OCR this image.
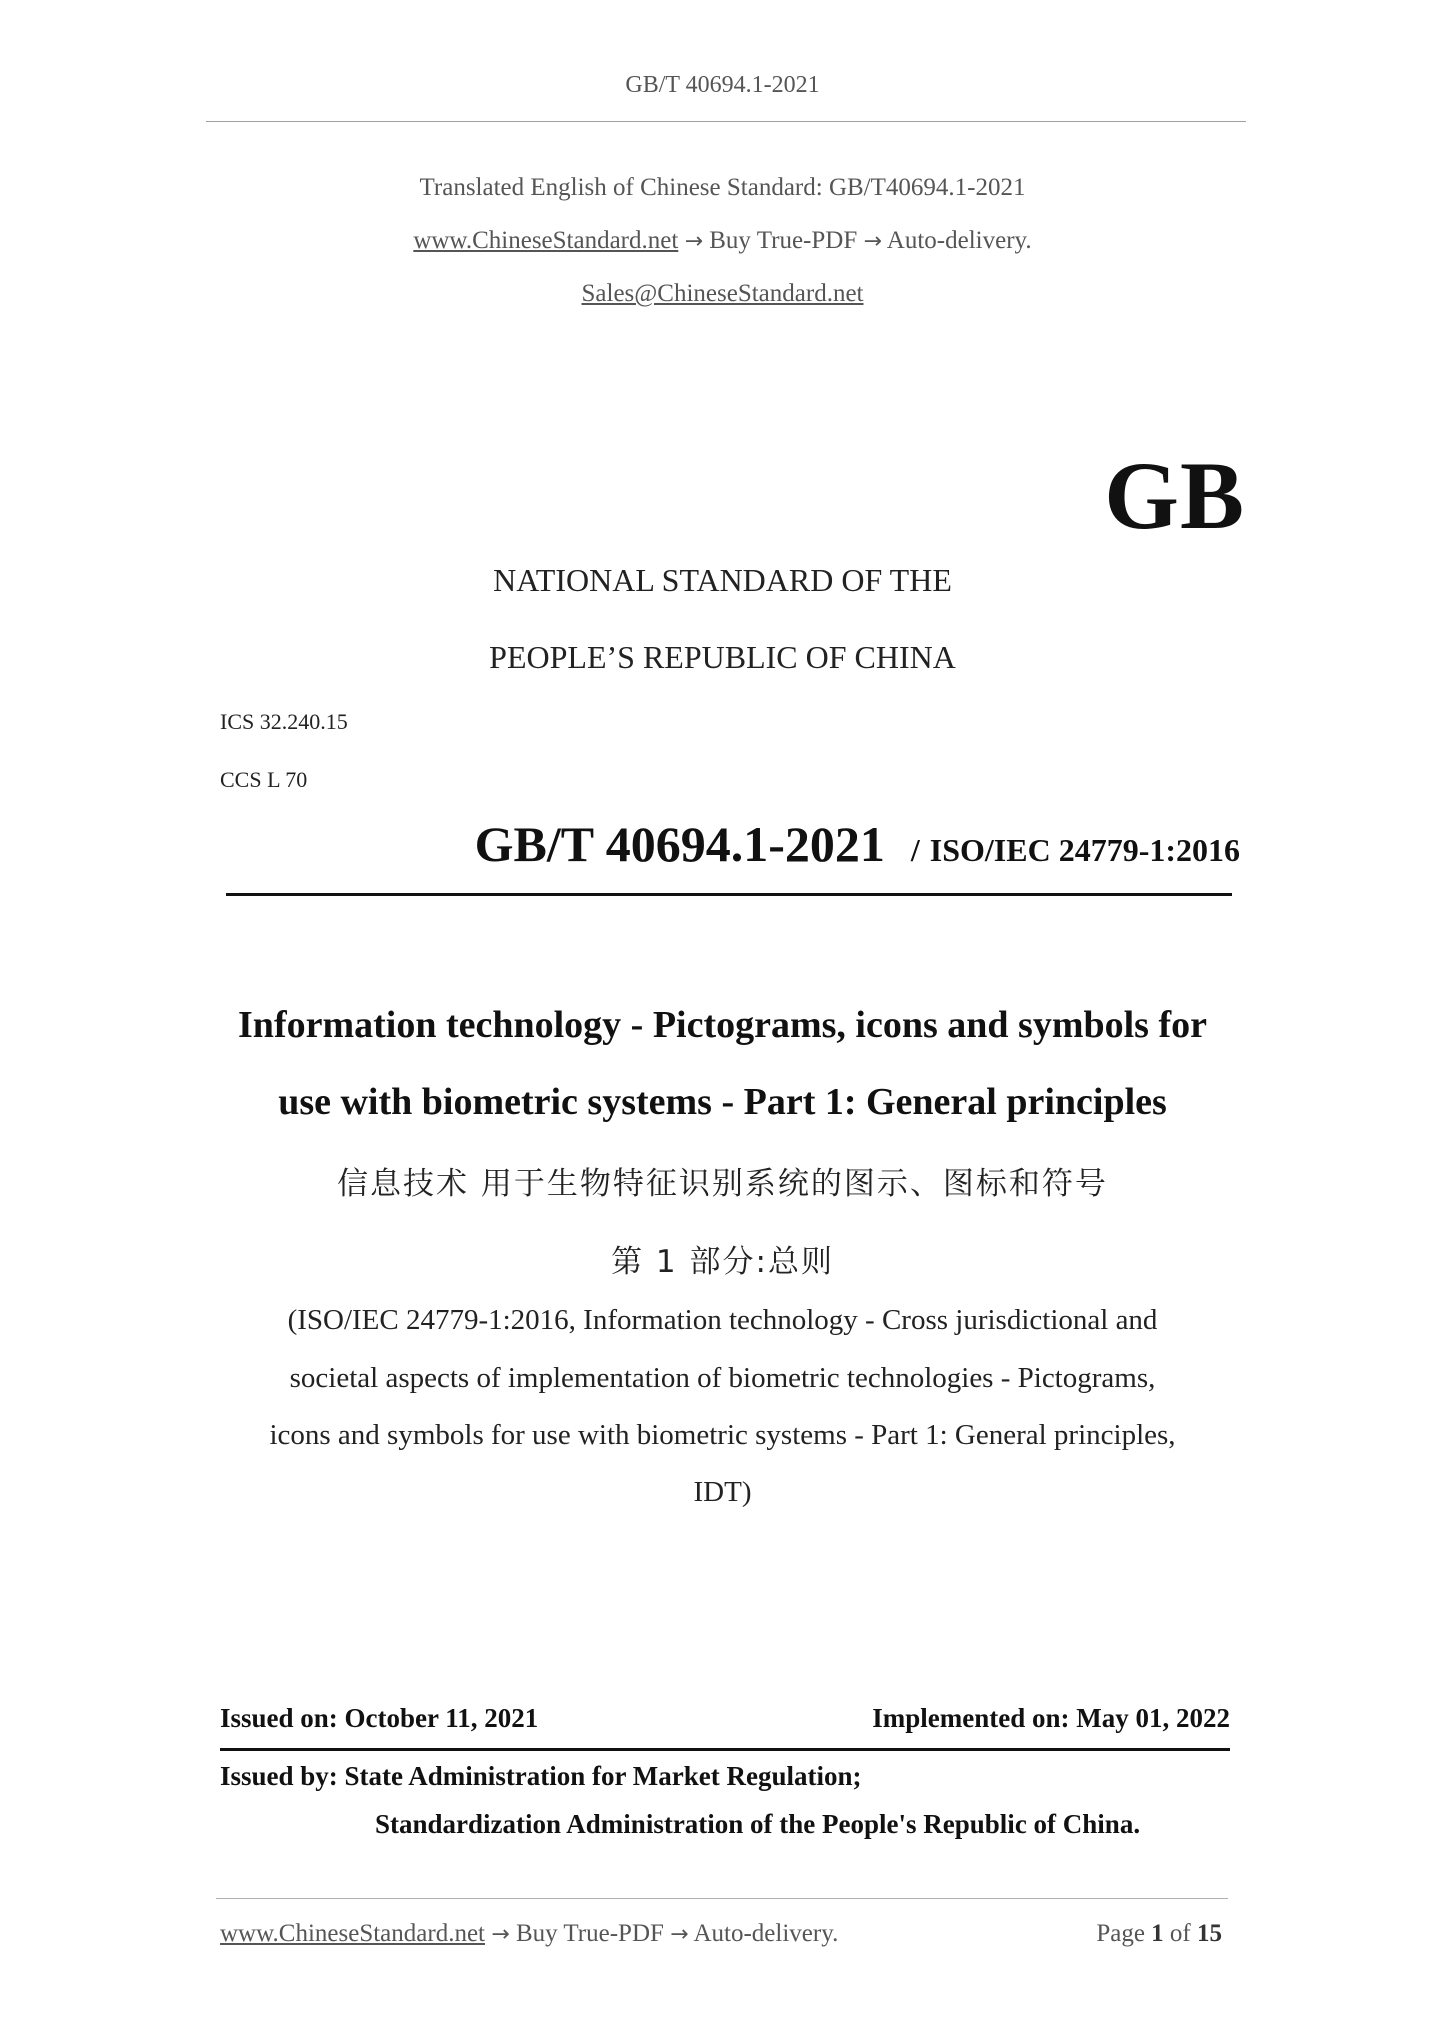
GB/T 40694.1-2021
Translated English of Chinese Standard: GB/T40694.1-2021
www.ChineseStandard.net → Buy True-PDF → Auto-delivery.
Sales@ChineseStandard.net
GB
NATIONAL STANDARD OF THE
PEOPLE’S REPUBLIC OF CHINA
ICS 32.240.15
CCS L 70
GB/T 40694.1-2021 / ISO/IEC 24779-1:2016
Information technology - Pictograms, icons and symbols for
use with biometric systems - Part 1: General principles
信息技术 用于生物特征识别系统的图示、图标和符号
第 1 部分:总则
(ISO/IEC 24779-1:2016, Information technology - Cross jurisdictional and
societal aspects of implementation of biometric technologies - Pictograms,
icons and symbols for use with biometric systems - Part 1: General principles,
IDT)
Issued on: October 11, 2021	Implemented on: May 01, 2022
Issued by: State Administration for Market Regulation;
Standardization Administration of the People's Republic of China.
www.ChineseStandard.net → Buy True-PDF → Auto-delivery.	Page 1 of 15
